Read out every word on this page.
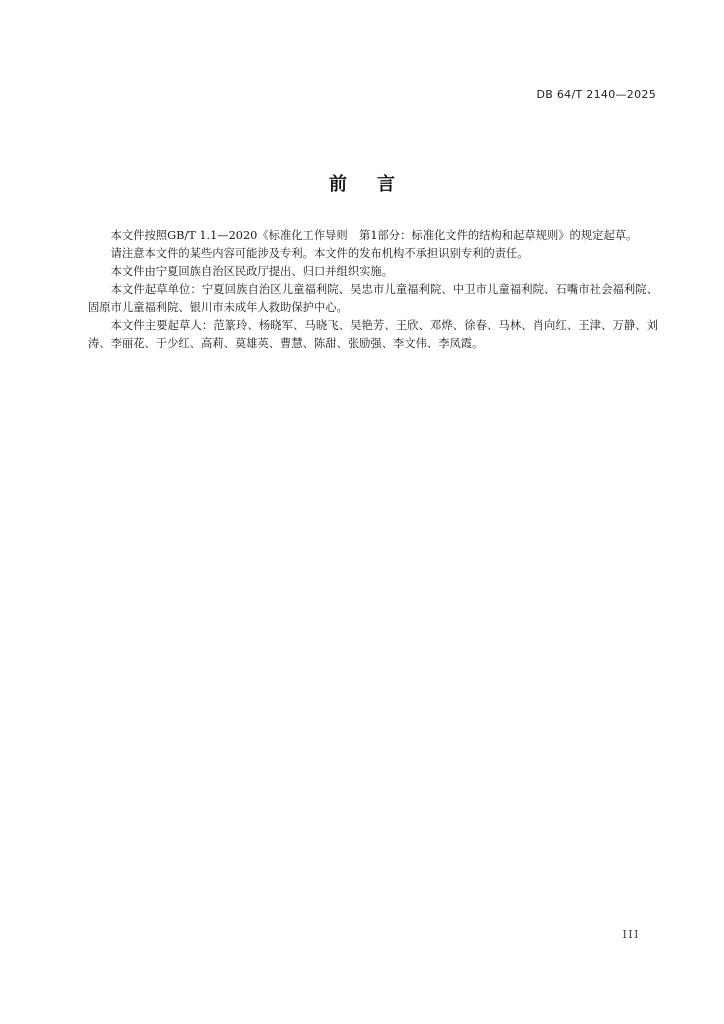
DB 64/T 2140—2025
前 言

本文件按照GB/T 1.1—2020《标准化工作导则　第1部分：标准化文件的结构和起草规则》的规定起草。

请注意本文件的某些内容可能涉及专利。本文件的发布机构不承担识别专利的责任。

本文件由宁夏回族自治区民政厅提出、归口并组织实施。

本文件起草单位：宁夏回族自治区儿童福利院、吴忠市儿童福利院、中卫市儿童福利院、石嘴市社会福利院、固原市儿童福利院、银川市未成年人救助保护中心。

本文件主要起草人：范篆玲、杨晓军、马晓飞、吴艳芳、王欣、邓烨、徐春、马林、肖向红、王津、万静、刘涛、李丽花、于少红、高莉、莫雄英、曹慧、陈甜、张励强、李文伟、李凤霞。

III
